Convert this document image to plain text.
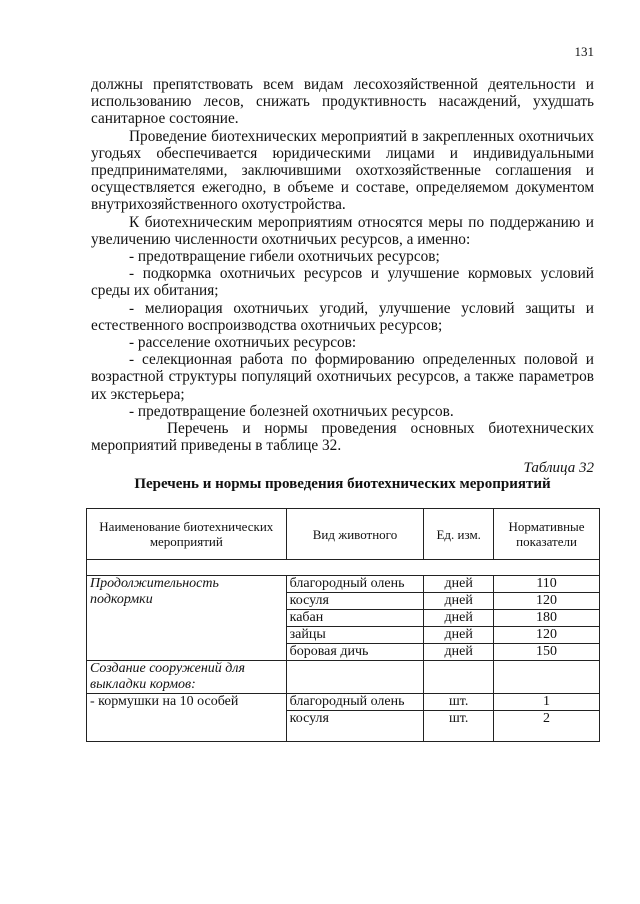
131

должны препятствовать всем видам лесохозяйственной деятельности и использованию лесов, снижать продуктивность насаждений, ухудшать санитарное состояние.

Проведение биотехнических мероприятий в закрепленных охотничьих угодьях обеспечивается юридическими лицами и индивидуальными предпринимателями, заключившими охотхозяйственные соглашения и осуществляется ежегодно, в объеме и составе, определяемом документом внутрихозяйственного охотустройства.

К биотехническим мероприятиям относятся меры по поддержанию и увеличению численности охотничьих ресурсов, а именно:

- предотвращение гибели охотничьих ресурсов;

- подкормка охотничьих ресурсов и улучшение кормовых условий среды их обитания;

- мелиорация охотничьих угодий, улучшение условий защиты и естественного воспроизводства охотничьих ресурсов;

- расселение охотничьих ресурсов:

- селекционная работа по формированию определенных половой и возрастной структуры популяций охотничьих ресурсов, а также параметров их экстерьера;

- предотвращение болезней охотничьих ресурсов.

Перечень и нормы проведения основных биотехнических мероприятий приведены в таблице 32.

Таблица 32
Перечень и нормы проведения биотехнических мероприятий
Наименование биотехнических мероприятий	Вид животного	Ед. изм.	Нормативные показатели

Продолжительность подкормки	благородный олень	дней	110
	косуля	дней	120
	кабан	дней	180
	зайцы	дней	120
	боровая дичь	дней	150
Создание сооружений для выкладки кормов:			
- кормушки на 10 особей	благородный олень	шт.	1
	косуля	шт.	2
